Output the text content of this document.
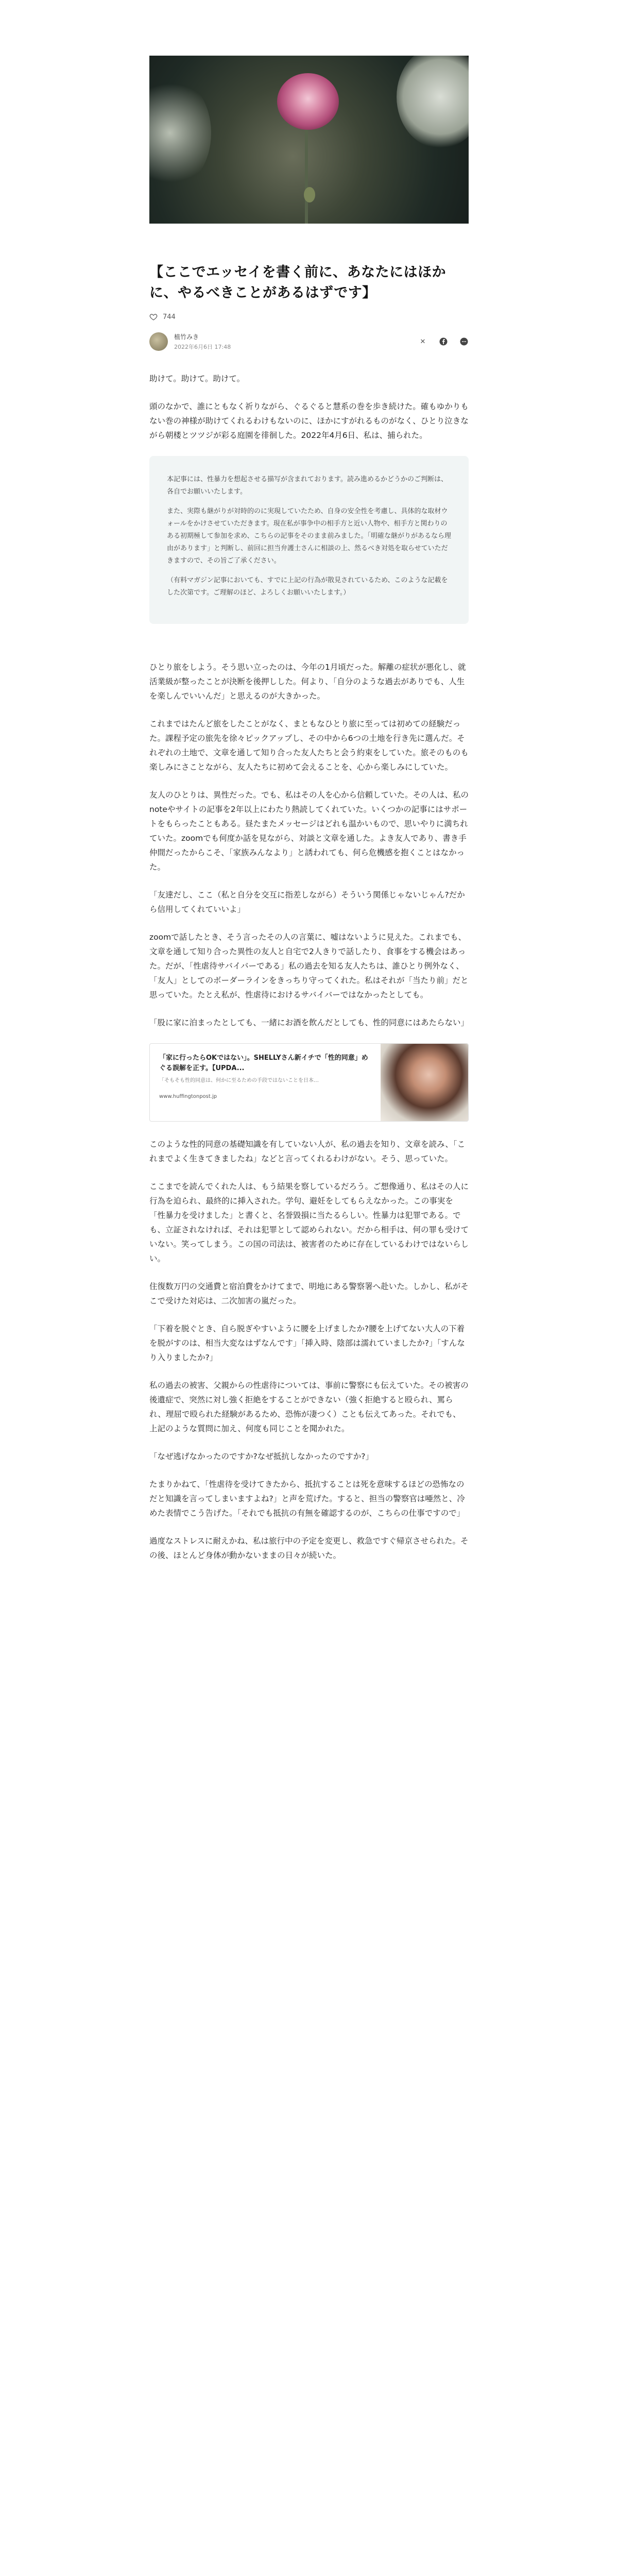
【ここでエッセイを書く前に、あなたにはほかに、やるべきことがあるはずです】
744
植竹みき
2022年6月6日 17:48
✕

助けて。助けて。助けて。

頭のなかで、誰にともなく祈りながら、ぐるぐると慧系の巻を歩き続けた。確もゆかりもない巻の神様が助けてくれるわけもないのに、ほかにすがれるものがなく、ひとり泣きながら朝楼とツツジが彩る庭園を徘徊した。2022年4月6日、私は、捕られた。

本記事には、性暴力を想起させる描写が含まれております。読み進めるかどうかのご判断は、各自でお願いいたします。

また、実際も継がりが対時的のに実現していたため、自身の安全性を考慮し、具体的な取材ウォールをかけさせていただきます。現在私が事争中の相手方と近い人物や、相手方と関わりのある初期極して参加を求め、こちらの記事をそのまま前みました。「明確な継がりがあるなら理由があります」と判断し、前回に担当弁護士さんに相談の上、然るべき対処を取らせていただきますので、その旨ご了承ください。

（有料マガジン記事においても、すでに上記の行為が散見されているため、このような記載をした次第です。ご理解のほど、よろしくお願いいたします。）

ひとり旅をしよう。そう思い立ったのは、今年の1月頃だった。解離の症状が悪化し、就活業級が整ったことが決断を後押しした。何より、「自分のような過去がありでも、人生を楽しんでいいんだ」と思えるのが大きかった。

これまではたんど旅をしたことがなく、まともなひとり旅に至っては初めての経験だった。課程予定の旅先を徐々ピックアップし、その中から6つの土地を行き先に選んだ。それぞれの土地で、文章を通して知り合った友人たちと会う約束をしていた。旅そのものも楽しみにさことながら、友人たちに初めて会えることを、心から楽しみにしていた。

友人のひとりは、異性だった。でも、私はその人を心から信頼していた。その人は、私のnoteやサイトの記事を2年以上にわたり熱読してくれていた。いくつかの記事にはサポートをもらったこともある。昼たまたメッセージはどれも温かいもので、思いやりに満ちれていた。zoomでも何度か話を見ながら、対談と文章を通した。よき友人であり、書き手仲間だったからこそ、「家族みんなより」と誘われても、何ら危機感を抱くことはなかった。

「友達だし、ここ（私と自分を交互に指差しながら）そういう関係じゃないじゃん?だから信用してくれていいよ」

zoomで話したとき、そう言ったその人の言葉に、嘘はないように見えた。これまでも、文章を通して知り合った異性の友人と自宅で2人きりで話したり、食事をする機会はあった。だが、「性虐待サバイバーである」私の過去を知る友人たちは、誰ひとり例外なく、「友人」としてのボーダーラインをきっちり守ってくれた。私はそれが「当たり前」だと思っていた。たとえ私が、性虐待におけるサバイバーではなかったとしても。

「股に家に泊まったとしても、一緒にお酒を飲んだとしても、性的同意にはあたらない」

「家に行ったらOKではない」。SHELLYさん新イチで「性的同意」めぐる誤解を正す。【UPDA...
「そもそも性的同意は、何かに至るための手段ではないことを日本…
www.huffingtonpost.jp

このような性的同意の基礎知識を有していない人が、私の過去を知り、文章を読み、「これまでよく生きてきましたね」などと言ってくれるわけがない。そう、思っていた。

ここまでを読んでくれた人は、もう結果を察しているだろう。ご想像通り、私はその人に行為を迫られ、最終的に挿入された。学句、避妊をしてもらえなかった。この事実を「性暴力を受けました」と書くと、名誉毀損に当たるらしい。性暴力は犯罪である。でも、立証されなければ、それは犯罪として認められない。だから相手は、何の罪も受けていない。笑ってしまう。この国の司法は、被害者のために存在しているわけではないらしい。

住復数万円の交通費と宿泊費をかけてまで、明地にある警察署へ赴いた。しかし、私がそこで受けた対応は、二次加害の嵐だった。

「下着を脱ぐとき、自ら脱ぎやすいように腰を上げましたか?腰を上げてない大人の下着を脱がすのは、相当大変なはずなんです」「挿入時、陰部は濡れていましたか?」「すんなり入りましたか?」

私の過去の被害、父親からの性虐待については、事前に警察にも伝えていた。その被害の後遺症で、突然に対し強く拒絶をすることができない（強く拒絶すると殴られ、罵られ、理屈で殴られた経験があるため、恐怖が凄つく）ことも伝えてあった。それでも、上記のような質問に加え、何度も同じことを聞かれた。

「なぜ逃げなかったのですか?なぜ抵抗しなかったのですか?」

たまりかねて、「性虐待を受けてきたから、抵抗することは死を意味するほどの恐怖なのだと知識を言ってしまいますよね?」と声を荒げた。すると、担当の警察官は唖然と、冷めた表情でこう告げた。「それでも抵抗の有無を確認するのが、こちらの仕事ですので」

過度なストレスに耐えかね、私は旅行中の予定を変更し、救急ですぐ帰京させられた。その後、ほとんど身体が動かないままの日々が続いた。
